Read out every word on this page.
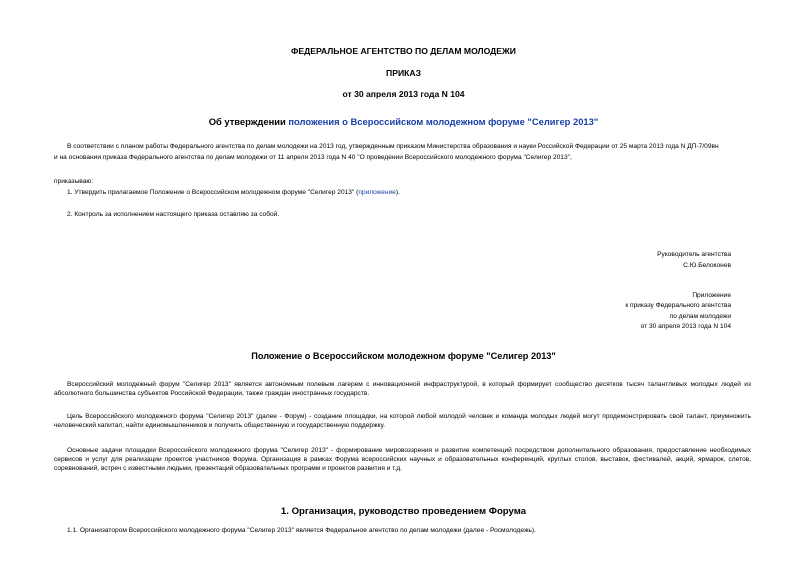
ФЕДЕРАЛЬНОЕ АГЕНТСТВО ПО ДЕЛАМ МОЛОДЕЖИ
ПРИКАЗ
от 30 апреля 2013 года N 104
Об утверждении положения о Всероссийском молодежном форуме "Селигер 2013"
В соответствии с планом работы Федерального агентства по делам молодежи на 2013 год, утвержденным приказом Министерства образования и науки Российской Федерации от 25 марта 2013 года N ДП-7/09вн
и на основании приказа Федерального агентства по делам молодежи от 11 апреля 2013 года N 40 "О проведении Всероссийского молодежного форума "Селигер 2013",
приказываю:
1. Утвердить прилагаемое Положение о Всероссийском молодежном форуме "Селигер 2013" (приложение).
2. Контроль за исполнением настоящего приказа оставляю за собой.
Руководитель агентства
С.Ю.Белоконев
Приложение
к приказу Федерального агентства
по делам молодежи
от 30 апреля 2013 года N 104
Положение о Всероссийском молодежном форуме "Селигер 2013"

Всероссийский молодежный форум "Селигер 2013" является автономным полевым лагерем с инновационной инфраструктурой, в который формирует сообщество десятков тысяч талантливых молодых людей из абсолютного большинства субъектов Российской Федерации, также граждан иностранных государств.

Цель Всероссийского молодежного форума "Селигер 2013" (далее - Форум) - создание площадки, на которой любой молодой человек и команда молодых людей могут продемонстрировать свой талант, приумножить человеческий капитал, найти единомышленников и получить общественную и государственную поддержку.

Основные задачи площадки Всероссийского молодежного форума "Селигер 2013" - формирование мировоззрения и развитие компетенций посредством дополнительного образования, предоставление необходимых сервисов и услуг для реализации проектов участников Форума. Организация в рамках Форума всероссийских научных и образовательных конференций, круглых столов, выставок, фестивалей, акций, ярмарок, слетов, соревнований, встреч с известными людьми, презентаций образовательных программ и проектов развития и т.д.

1. Организация, руководство проведением Форума
1.1. Организатором Всероссийского молодежного форума "Селигер 2013" является Федеральное агентство по делам молодежи (далее - Росмолодежь).
